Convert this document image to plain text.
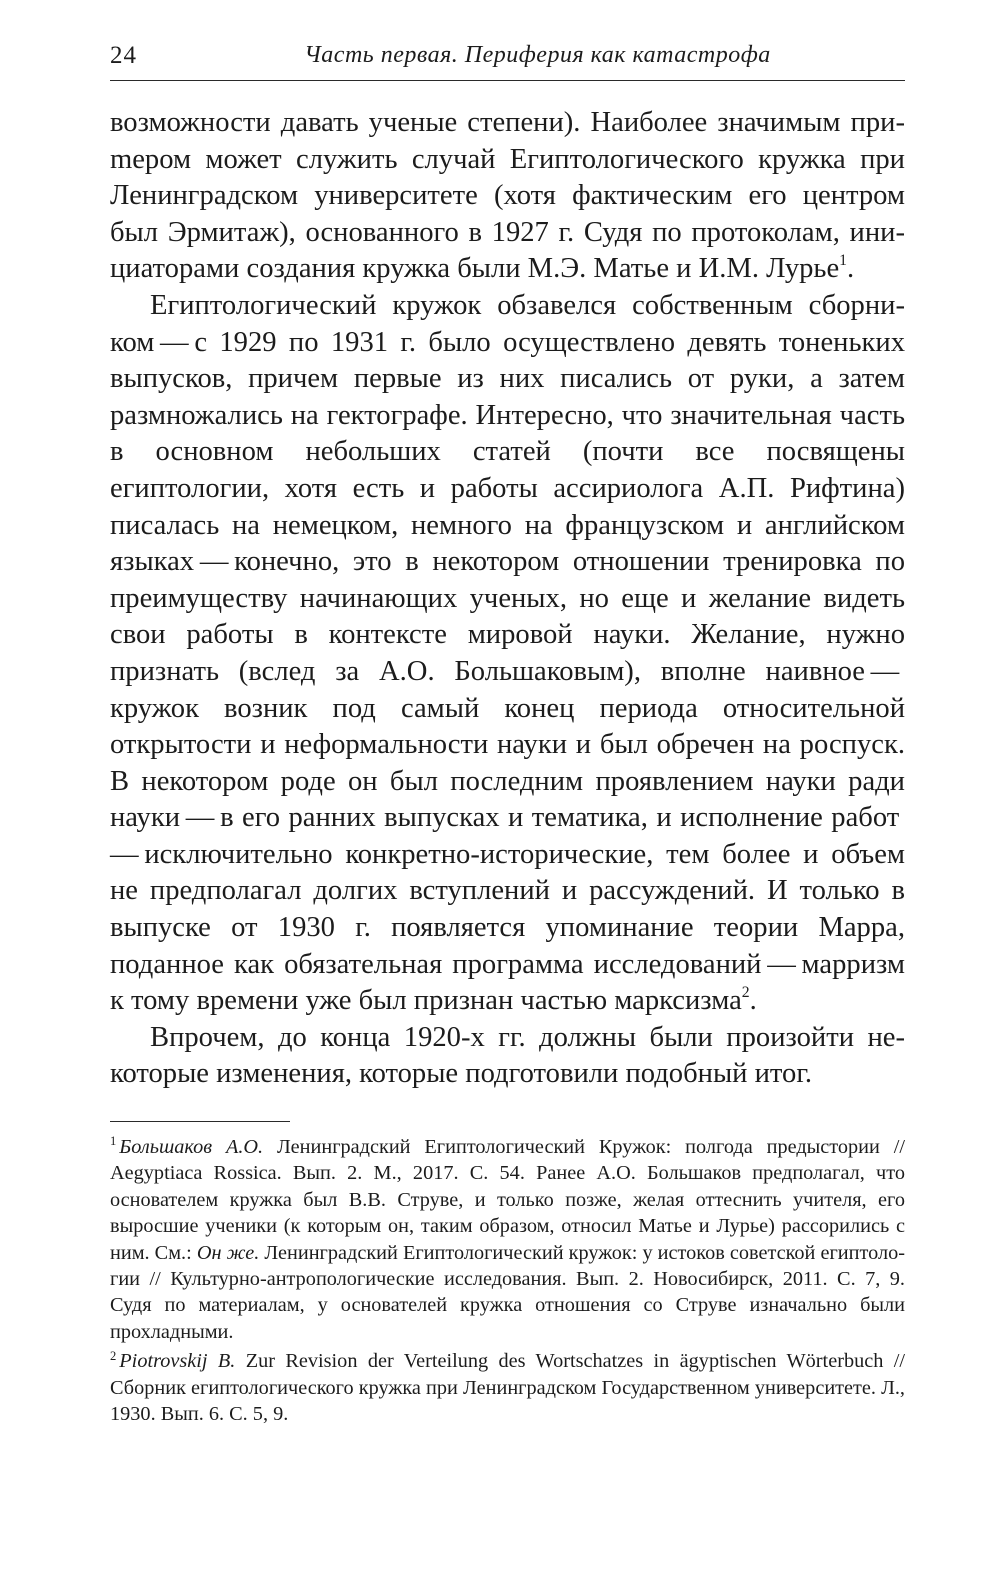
24	Часть первая. Периферия как катастрофа

возможности давать ученые степени). Наиболее значимым приmером может служить случай Египтологического кружка при Ленинградском университете (хотя фактическим его центром был Эрмитаж), основанного в 1927 г. Судя по протоколам, инициаторами создания кружка были М.Э. Матье и И.М. Лурье$^1$.

Египтологический кружок обзавелся собственным сборником — с 1929 по 1931 г. было осуществлено девять тоненьких выпусков, причем первые из них писались от руки, а затем размножались на гектографе. Интересно, что значительная часть в основном небольших статей (почти все посвящены египтологии, хотя есть и работы ассириолога А.П. Рифтина) писалась на немецком, немного на французском и английском языках — конечно, это в некотором отношении тренировка по преимуществу начинающих ученых, но еще и желание видеть свои работы в контексте мировой науки. Желание, нужно признать (вслед за А.О. Большаковым), вполне наивное — кружок возник под самый конец периода относительной открытости и неформальности науки и был обречен на роспуск. В некотором роде он был последним проявлением науки ради науки — в его ранних выпусках и тематика, и исполнение работ — исключительно конкретно-исторические, тем более и объем не предполагал долгих вступлений и рассуждений. И только в выпуске от 1930 г. появляется упоминание теории Марра, поданное как обязательная программа исследований — марризм к тому времени уже был признан частью марксизма$^2$.

Впрочем, до конца 1920-х гг. должны были произойти некоторые изменения, которые подготовили подобный итог.

$^1$ Большаков А.О. Ленинградский Египтологический Кружок: полгода предыстории // Aegyptiaca Rossica. Вып. 2. М., 2017. С. 54. Ранее А.О. Большаков предполагал, что основателем кружка был В.В. Струве, и только позже, желая оттеснить учителя, его выросшие ученики (к которым он, таким образом, относил Матье и Лурье) рассорились с ним. См.: Он же. Ленинградский Египтологический кружок: у истоков советской египтологии // Культурно-антропологические исследования. Вып. 2. Новосибирск, 2011. С. 7, 9. Судя по материалам, у основателей кружка отношения со Струве изначально были прохладными.

$^2$ Piotrovskij B. Zur Revision der Verteilung des Wortschatzes in ägyptischen Wörterbuch // Сборник египтологического кружка при Ленинградском Государственном университете. Л., 1930. Вып. 6. С. 5, 9.
